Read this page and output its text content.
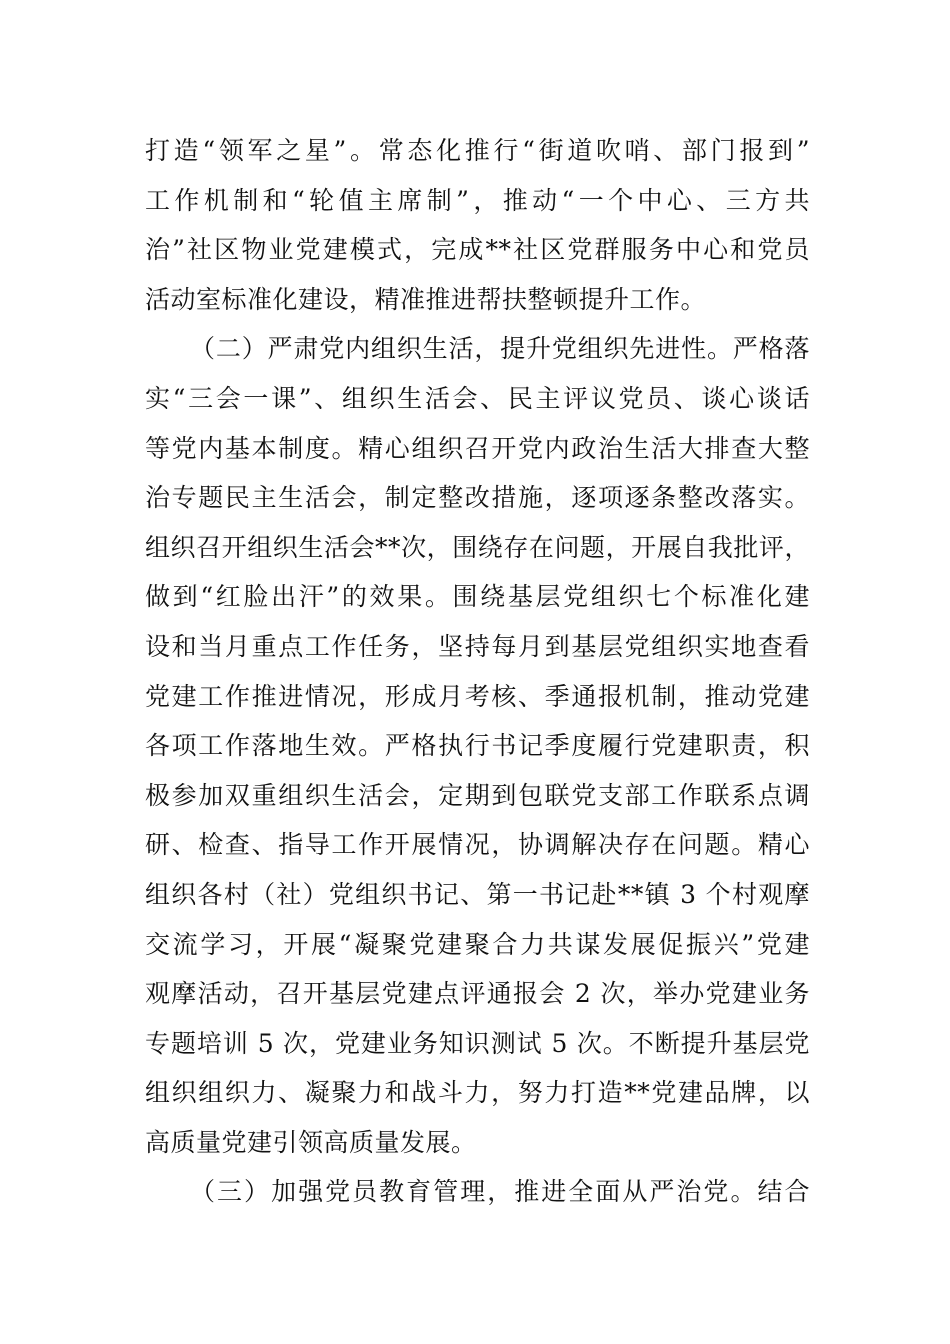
打造“领军之星”。常态化推行“街道吹哨、部门报到”
工作机制和“轮值主席制”，推动“一个中心、三方共
治”社区物业党建模式，完成**社区党群服务中心和党员
活动室标准化建设，精准推进帮扶整顿提升工作。
（二）严肃党内组织生活，提升党组织先进性。严格落
实“三会一课”、组织生活会、民主评议党员、谈心谈话
等党内基本制度。精心组织召开党内政治生活大排查大整
治专题民主生活会，制定整改措施，逐项逐条整改落实。
组织召开组织生活会**次，围绕存在问题，开展自我批评，
做到“红脸出汗”的效果。围绕基层党组织七个标准化建
设和当月重点工作任务，坚持每月到基层党组织实地查看
党建工作推进情况，形成月考核、季通报机制，推动党建
各项工作落地生效。严格执行书记季度履行党建职责，积
极参加双重组织生活会，定期到包联党支部工作联系点调
研、检查、指导工作开展情况，协调解决存在问题。精心
组织各村（社）党组织书记、第一书记赴**镇 3 个村观摩
交流学习，开展“凝聚党建聚合力共谋发展促振兴”党建
观摩活动，召开基层党建点评通报会 2 次，举办党建业务
专题培训 5 次，党建业务知识测试 5 次。不断提升基层党
组织组织力、凝聚力和战斗力，努力打造**党建品牌，以
高质量党建引领高质量发展。
（三）加强党员教育管理，推进全面从严治党。结合
